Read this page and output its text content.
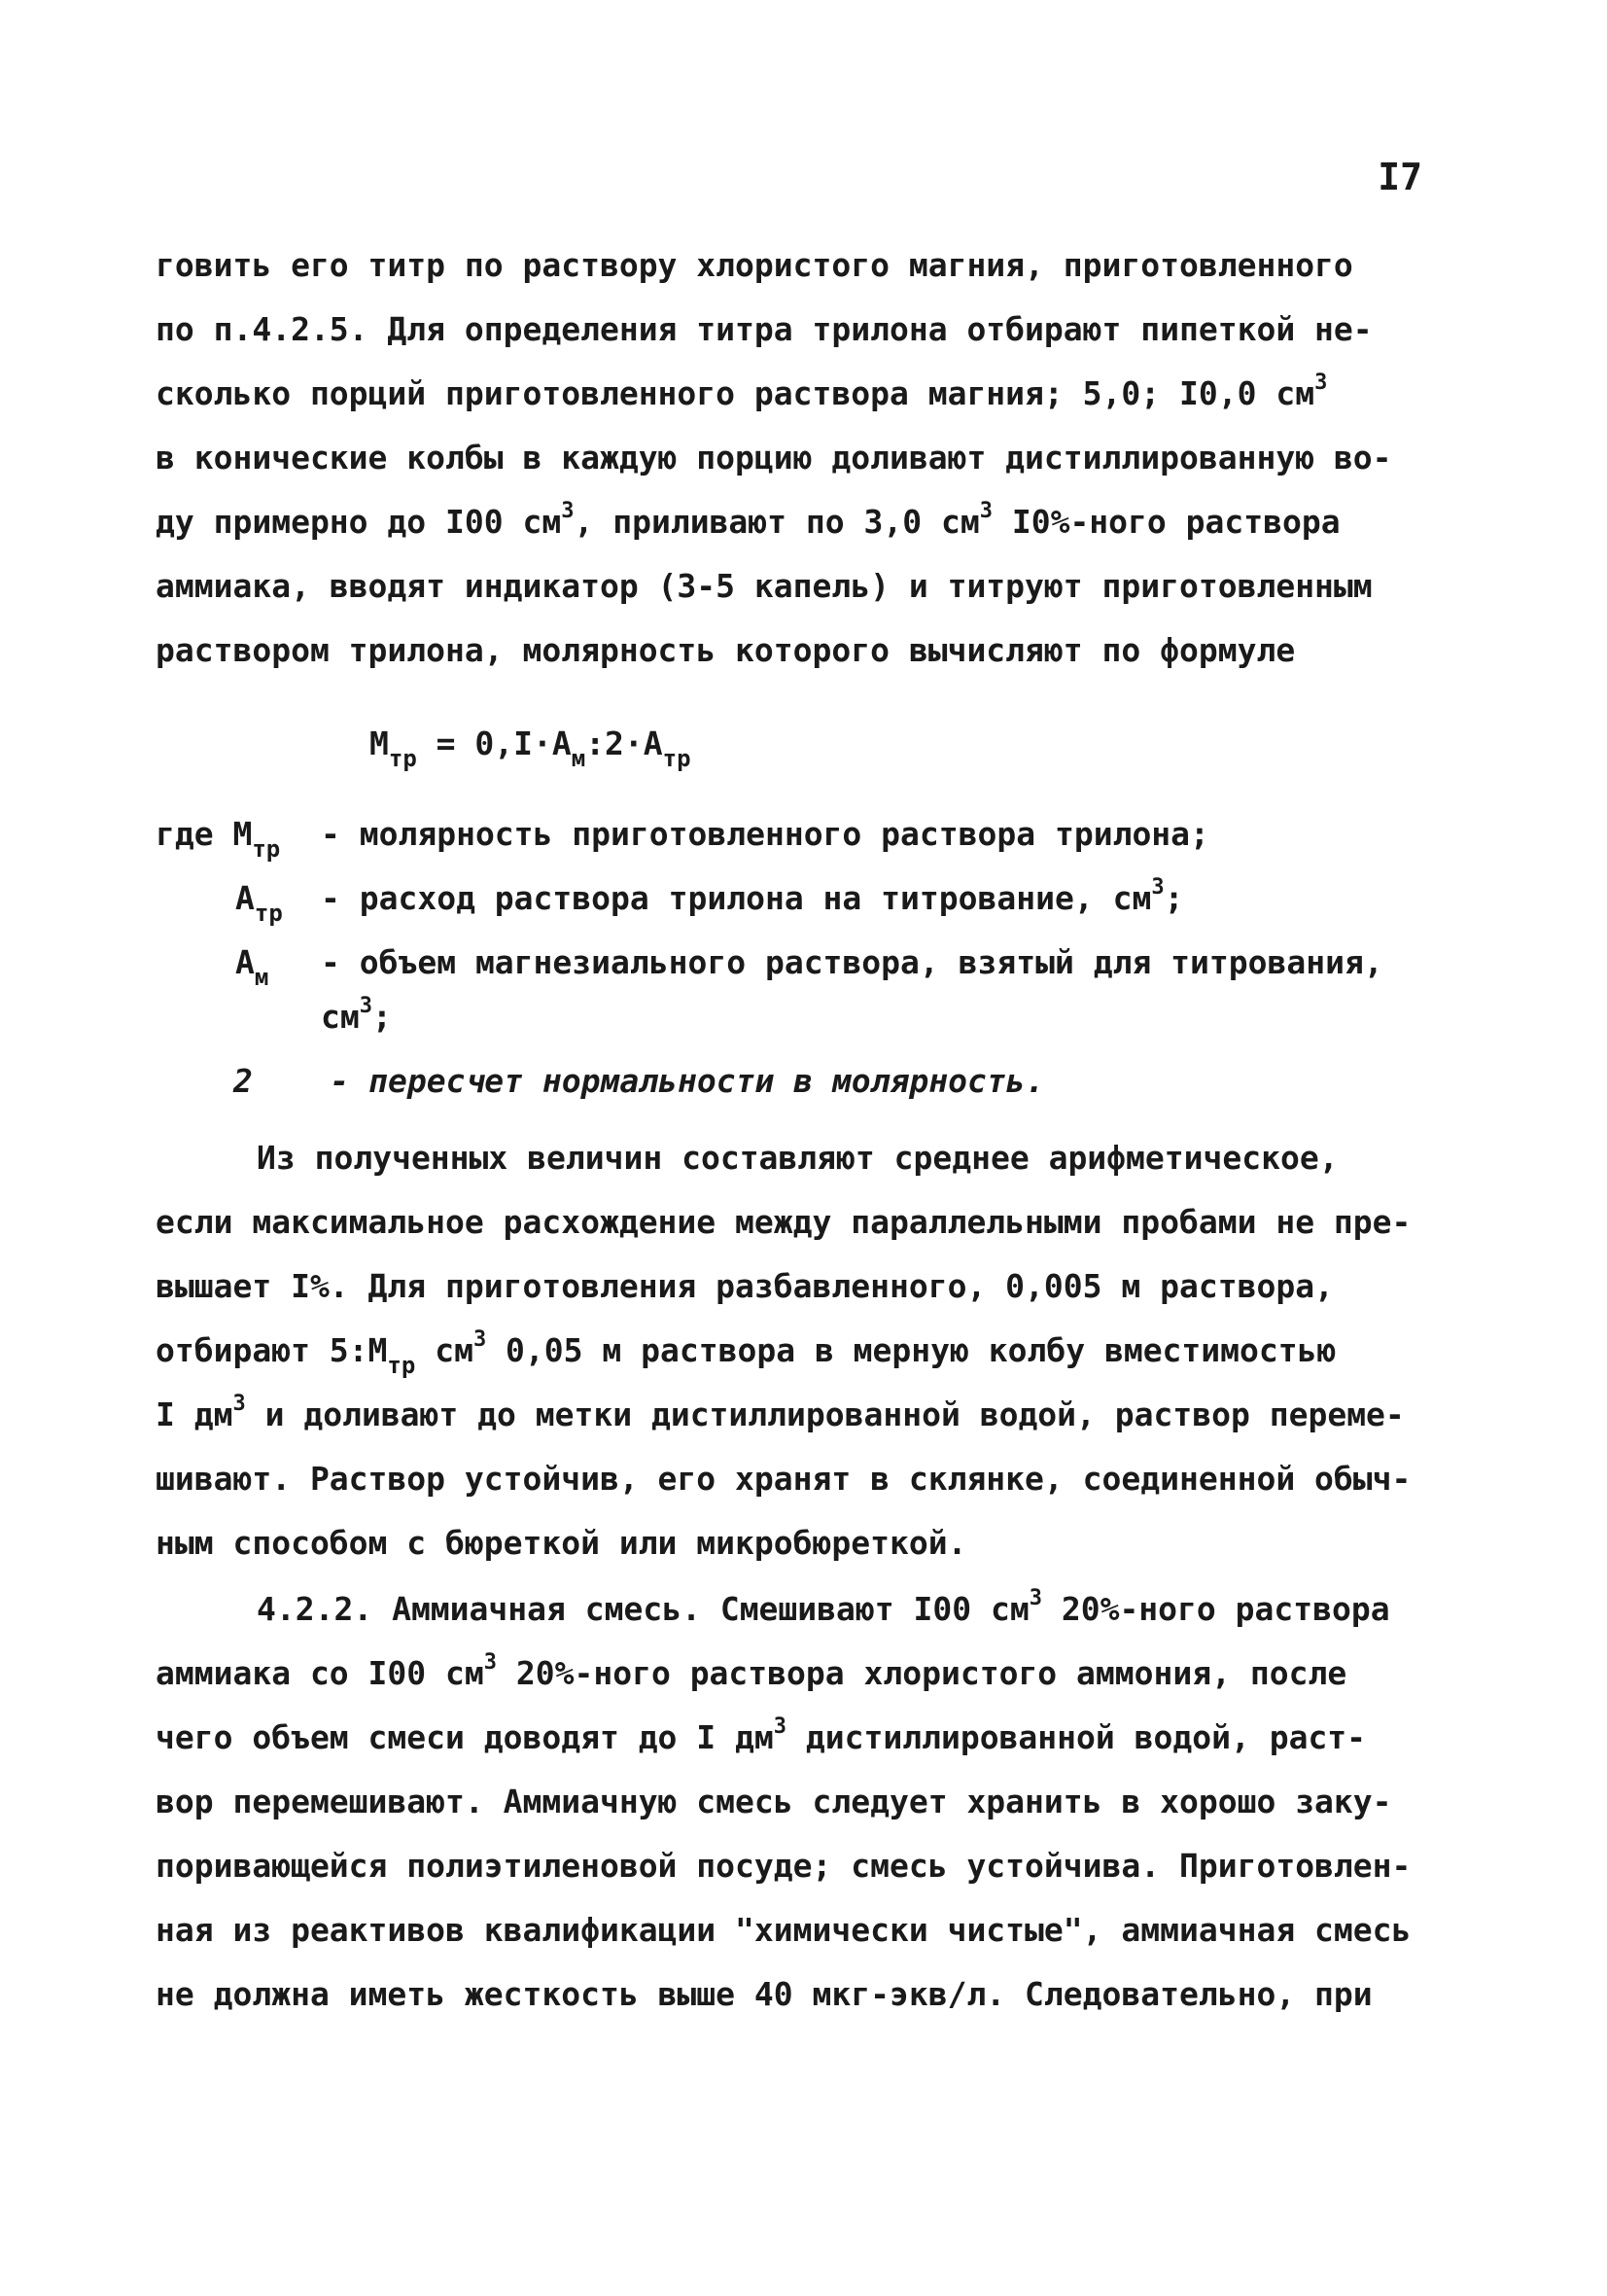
I7
говить его титр по раствору хлористого магния, приготовленного
по п.4.2.5. Для определения титра трилона отбирают пипеткой не-
сколько порций приготовленного раствора магния; 5,0; I0,0 $см^3$
в конические колбы в каждую порцию доливают дистиллированную во-
ду примерно до I00 $см^3$, приливают по 3,0 $см^3$ I0%-ного раствора
аммиака, вводят индикатор (3-5 капель) и титруют приготовленным
раствором трилона, молярность которого вычисляют по формуле
$M_{тр}$ = $0,I\cdot A_м:2\cdot A_{тр}$
где $M_{тр}$	- молярность приготовленного раствора трилона;
$A_{тр}$	- расход раствора трилона на титрование, $см^3$;
$A_м$	- объем магнезиального раствора, взятый для титрования,
$см^3$;
2 - пересчет нормальности в молярность.
Из полученных величин составляют среднее арифметическое,
если максимальное расхождение между параллельными пробами не пре-
вышает I%. Для приготовления разбавленного, 0,005 м раствора,
отбирают $5:M_{тр}$ $см^3$ 0,05 м раствора в мерную колбу вместимостью
I $дм^3$ и доливают до метки дистиллированной водой, раствор переме-
шивают. Раствор устойчив, его хранят в склянке, соединенной обыч-
ным способом с бюреткой или микробюреткой.
4.2.2. Аммиачная смесь. Смешивают I00 $см^3$ 20%-ного раствора
аммиака со I00 $см^3$ 20%-ного раствора хлористого аммония, после
чего объем смеси доводят до I $дм^3$ дистиллированной водой, раст-
вор перемешивают. Аммиачную смесь следует хранить в хорошо заку-
поривающейся полиэтиленовой посуде; смесь устойчива. Приготовлен-
ная из реактивов квалификации "химически чистые", аммиачная смесь
не должна иметь жесткость выше 40 мкг-экв/л. Следовательно, при
